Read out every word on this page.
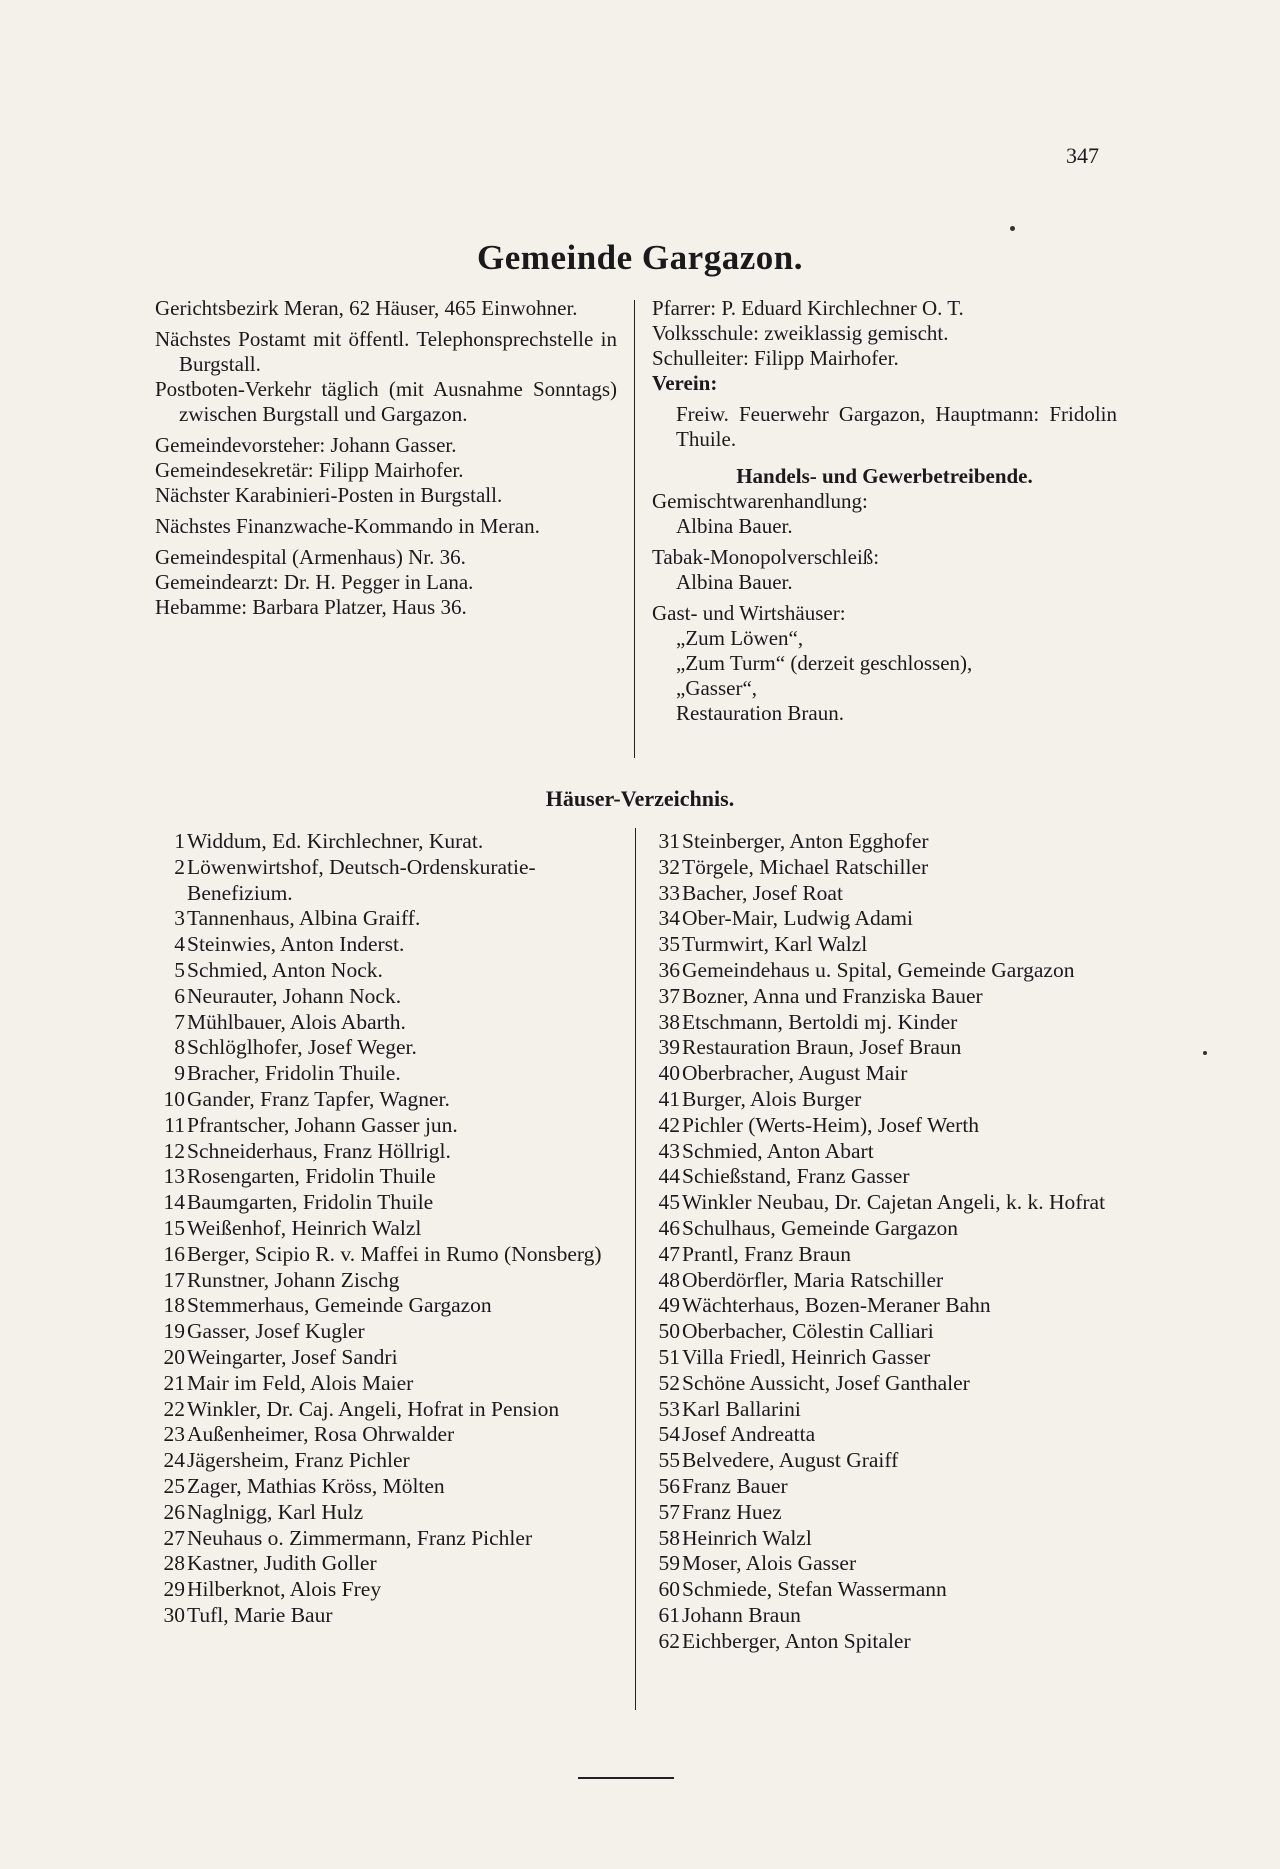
347
Gemeinde Gargazon.

Gerichtsbezirk Meran, 62 Häuser, 465 Einwohner.

Nächstes Postamt mit öffentl. Telephonsprechstelle in Burgstall.

Postboten-Verkehr täglich (mit Ausnahme Sonntags) zwischen Burgstall und Gargazon.

Gemeindevorsteher: Johann Gasser.

Gemeindesekretär: Filipp Mairhofer.

Nächster Karabinieri-Posten in Burgstall.

Nächstes Finanzwache-Kommando in Meran.

Gemeindespital (Armenhaus) Nr. 36.

Gemeindearzt: Dr. H. Pegger in Lana.

Hebamme: Barbara Platzer, Haus 36.

Pfarrer: P. Eduard Kirchlechner O. T.

Volksschule: zweiklassig gemischt.

Schulleiter: Filipp Mairhofer.

Verein:

Freiw. Feuerwehr Gargazon, Hauptmann: Fridolin Thuile.

Handels- und Gewerbetreibende.

Gemischtwarenhandlung:

Albina Bauer.

Tabak-Monopolverschleiß:

Albina Bauer.

Gast- und Wirtshäuser:

„Zum Löwen“,

„Zum Turm“ (derzeit geschlossen),

„Gasser“,

Restauration Braun.

Häuser-Verzeichnis.
1 Widdum, Ed. Kirchlechner, Kurat.
2 Löwenwirtshof, Deutsch-Ordenskuratie-Benefizium.
3 Tannenhaus, Albina Graiff.
4 Steinwies, Anton Inderst.
5 Schmied, Anton Nock.
6 Neurauter, Johann Nock.
7 Mühlbauer, Alois Abarth.
8 Schlöglhofer, Josef Weger.
9 Bracher, Fridolin Thuile.
10 Gander, Franz Tapfer, Wagner.
11 Pfrantscher, Johann Gasser jun.
12 Schneiderhaus, Franz Höllrigl.
13 Rosengarten, Fridolin Thuile
14 Baumgarten, Fridolin Thuile
15 Weißenhof, Heinrich Walzl
16 Berger, Scipio R. v. Maffei in Rumo (Nonsberg)
17 Runstner, Johann Zischg
18 Stemmerhaus, Gemeinde Gargazon
19 Gasser, Josef Kugler
20 Weingarter, Josef Sandri
21 Mair im Feld, Alois Maier
22 Winkler, Dr. Caj. Angeli, Hofrat in Pension
23 Außenheimer, Rosa Ohrwalder
24 Jägersheim, Franz Pichler
25 Zager, Mathias Kröss, Mölten
26 Naglnigg, Karl Hulz
27 Neuhaus o. Zimmermann, Franz Pichler
28 Kastner, Judith Goller
29 Hilberknot, Alois Frey
30 Tufl, Marie Baur
31 Steinberger, Anton Egghofer
32 Törgele, Michael Ratschiller
33 Bacher, Josef Roat
34 Ober-Mair, Ludwig Adami
35 Turmwirt, Karl Walzl
36 Gemeindehaus u. Spital, Gemeinde Gargazon
37 Bozner, Anna und Franziska Bauer
38 Etschmann, Bertoldi mj. Kinder
39 Restauration Braun, Josef Braun
40 Oberbracher, August Mair
41 Burger, Alois Burger
42 Pichler (Werts-Heim), Josef Werth
43 Schmied, Anton Abart
44 Schießstand, Franz Gasser
45 Winkler Neubau, Dr. Cajetan Angeli, k. k. Hofrat
46 Schulhaus, Gemeinde Gargazon
47 Prantl, Franz Braun
48 Oberdörfler, Maria Ratschiller
49 Wächterhaus, Bozen-Meraner Bahn
50 Oberbacher, Cölestin Calliari
51 Villa Friedl, Heinrich Gasser
52 Schöne Aussicht, Josef Ganthaler
53 Karl Ballarini
54 Josef Andreatta
55 Belvedere, August Graiff
56 Franz Bauer
57 Franz Huez
58 Heinrich Walzl
59 Moser, Alois Gasser
60 Schmiede, Stefan Wassermann
61 Johann Braun
62 Eichberger, Anton Spitaler
